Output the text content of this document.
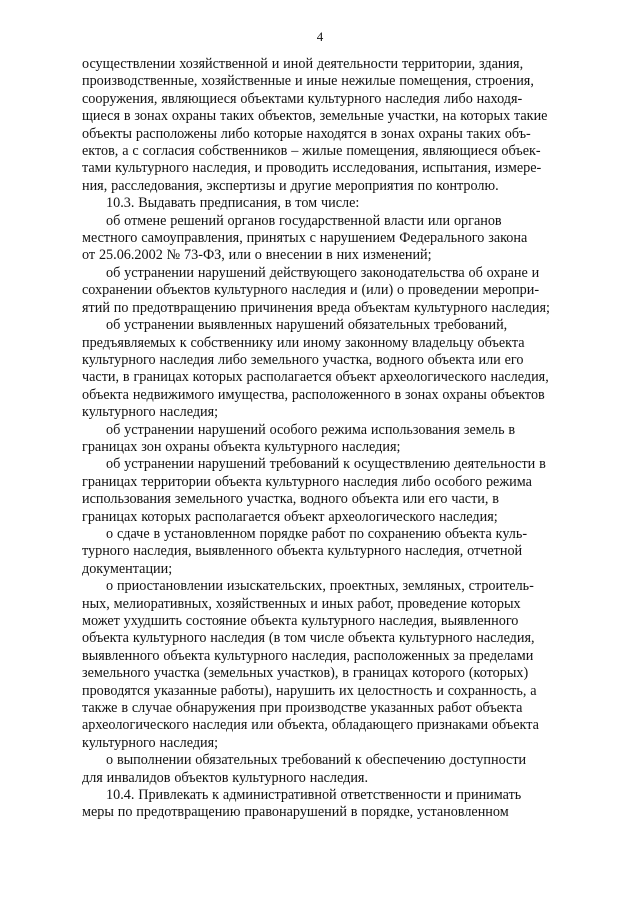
4

осуществлении хозяйственной и иной деятельности территории, здания,
производственные, хозяйственные и иные нежилые помещения, строения,
сооружения, являющиеся объектами культурного наследия либо находя-
щиеся в зонах охраны таких объектов, земельные участки, на которых такие
объекты расположены либо которые находятся в зонах охраны таких объ-
ектов, а с согласия собственников – жилые помещения, являющиеся объек-
тами культурного наследия, и проводить исследования, испытания, измере-
ния, расследования, экспертизы и другие мероприятия по контролю.

10.3. Выдавать предписания, в том числе:

об отмене решений органов государственной власти или органов
местного самоуправления, принятых с нарушением Федерального закона
от 25.06.2002 № 73-ФЗ, или о внесении в них изменений;

об устранении нарушений действующего законодательства об охране и
сохранении объектов культурного наследия и (или) о проведении меропри-
ятий по предотвращению причинения вреда объектам культурного наследия;

об устранении выявленных нарушений обязательных требований,
предъявляемых к собственнику или иному законному владельцу объекта
культурного наследия либо земельного участка, водного объекта или его
части, в границах которых располагается объект археологического наследия,
объекта недвижимого имущества, расположенного в зонах охраны объектов
культурного наследия;

об устранении нарушений особого режима использования земель в
границах зон охраны объекта культурного наследия;

об устранении нарушений требований к осуществлению деятельности в
границах территории объекта культурного наследия либо особого режима
использования земельного участка, водного объекта или его части, в
границах которых располагается объект археологического наследия;

о сдаче в установленном порядке работ по сохранению объекта куль-
турного наследия, выявленного объекта культурного наследия, отчетной
документации;

о приостановлении изыскательских, проектных, земляных, строитель-
ных, мелиоративных, хозяйственных и иных работ, проведение которых
может ухудшить состояние объекта культурного наследия, выявленного
объекта культурного наследия (в том числе объекта культурного наследия,
выявленного объекта культурного наследия, расположенных за пределами
земельного участка (земельных участков), в границах которого (которых)
проводятся указанные работы), нарушить их целостность и сохранность, а
также в случае обнаружения при производстве указанных работ объекта
археологического наследия или объекта, обладающего признаками объекта
культурного наследия;

о выполнении обязательных требований к обеспечению доступности
для инвалидов объектов культурного наследия.

10.4. Привлекать к административной ответственности и принимать
меры по предотвращению правонарушений в порядке, установленном
